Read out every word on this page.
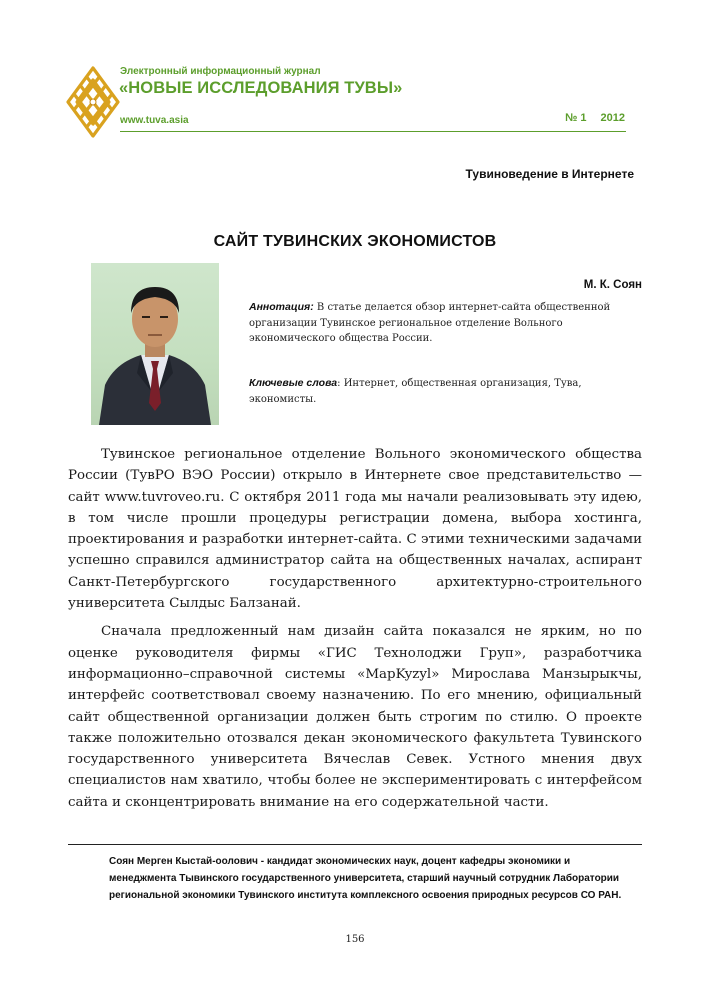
Электронный информационный журнал
«НОВЫЕ ИССЛЕДОВАНИЯ ТУВЫ»
www.tuva.asia	№ 1 2012
Тувиноведение в Интернете
САЙТ ТУВИНСКИХ ЭКОНОМИСТОВ
М. К. Соян
Аннотация: В статье делается обзор интернет-сайта общественной организации Тувинское региональное отделение Вольного экономического общества России.
Ключевые слова: Интернет, общественная организация, Тува, экономисты.

Тувинское региональное отделение Вольного экономического общества России (ТувРО ВЭО России) открыло в Интернете свое представительство — сайт www.tuvroveo.ru. С октября 2011 года мы начали реализовывать эту идею, в том числе прошли процедуры регистрации домена, выбора хостинга, проектирования и разработки интернет-сайта. С этими техническими задачами успешно справился администратор сайта на общественных началах, аспирант Санкт-Петербургского государственного архитектурно-строительного университета Сылдыс Балзанай.

Сначала предложенный нам дизайн сайта показался не ярким, но по оценке руководителя фирмы «ГИС Технолоджи Груп», разработчика информационно–справочной системы «МарKyzyl» Мирослава Манзырыкчы, интерфейс соответствовал своему назначению. По его мнению, официальный сайт общественной организации должен быть строгим по стилю. О проекте также положительно отозвался декан экономического факультета Тувинского государственного университета Вячеслав Севек. Устного мнения двух специалистов нам хватило, чтобы более не экспериментировать с интерфейсом сайта и сконцентрировать внимание на его содержательной части.

Соян Мерген Кыстай-оолович - кандидат экономических наук, доцент кафедры экономики и менеджмента Тывинского государственного университета, старший научный сотрудник Лаборатории региональной экономики Тувинского института комплексного освоения природных ресурсов СО РАН.
156
